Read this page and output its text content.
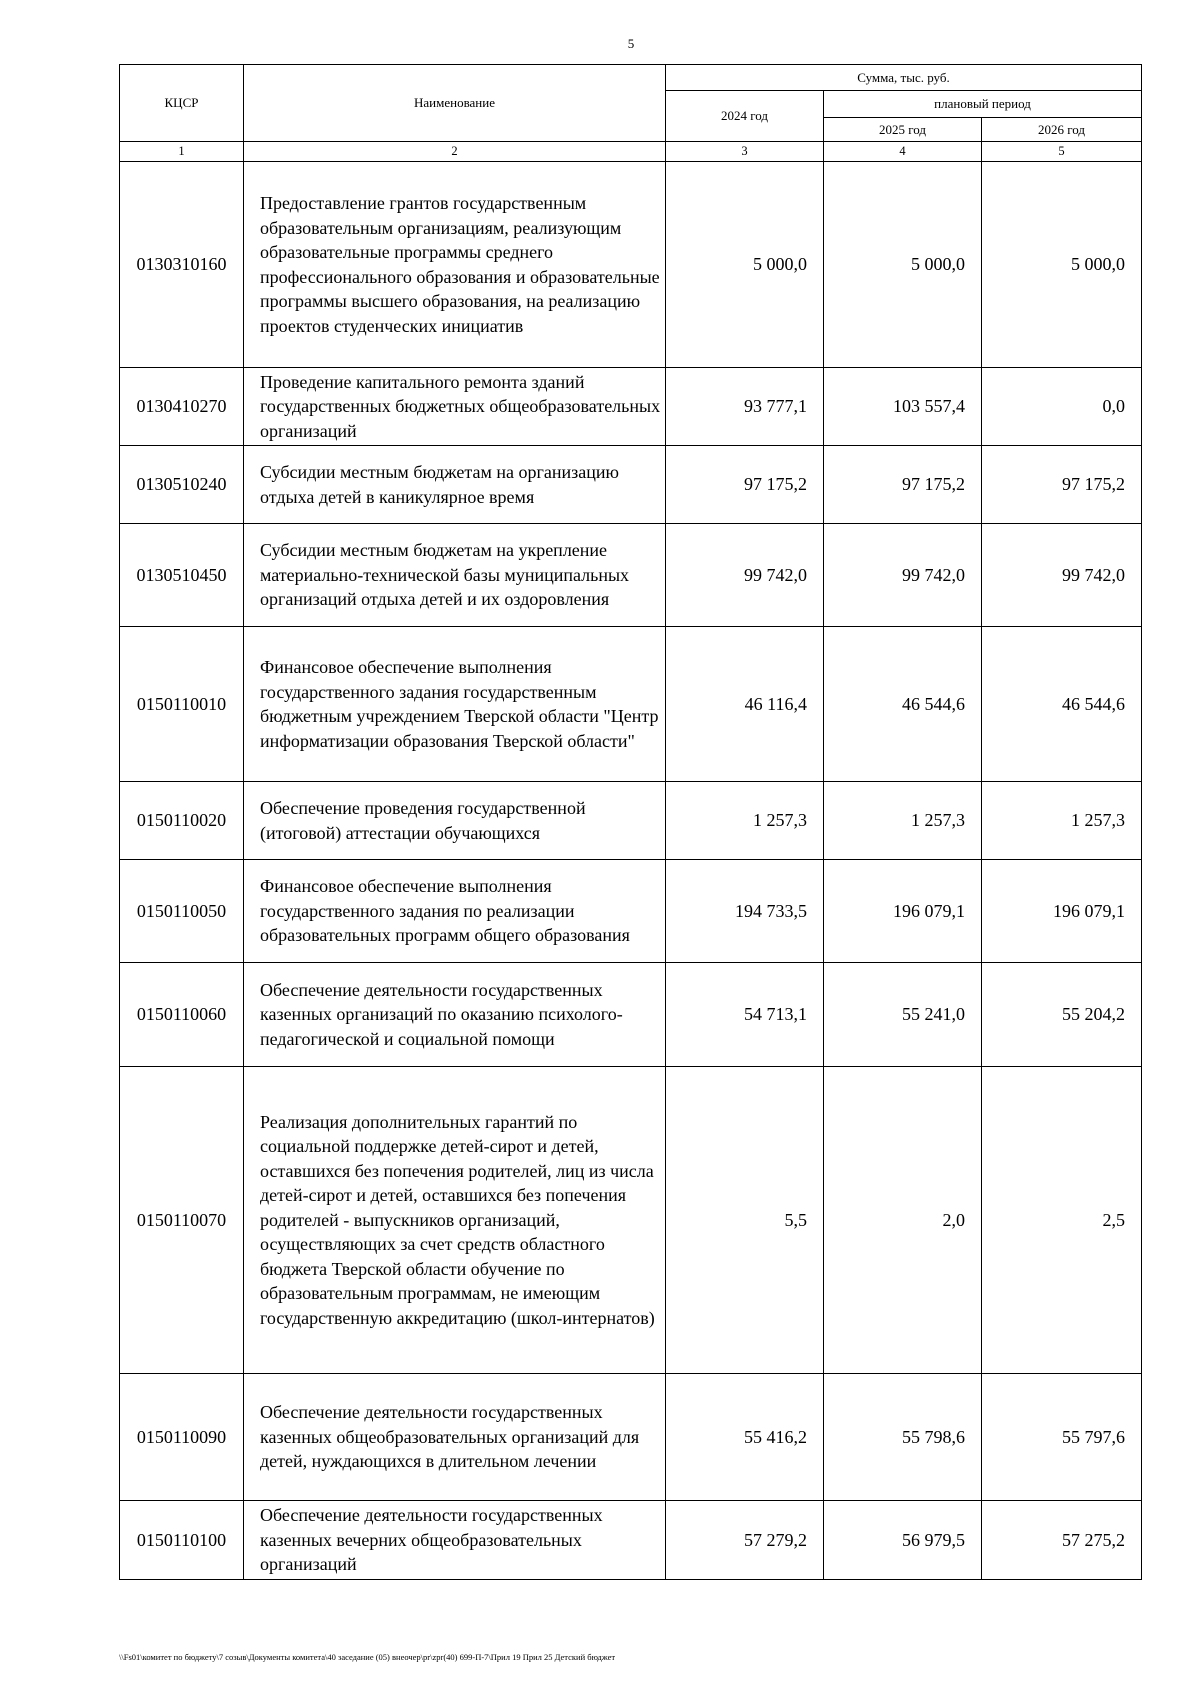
5
КЦСР	Наименование	Сумма, тыс. руб.		
		2024 год	плановый период	
			2025 год	2026 год
1	2	3	4	5
0130310160	Предоставление грантов государственным образовательным организациям, реализующим образовательные программы среднего профессионального образования и образовательные программы высшего образования, на реализацию проектов студенческих инициатив	5 000,0	5 000,0	5 000,0
0130410270	Проведение капитального ремонта зданий государственных бюджетных общеобразовательных организаций	93 777,1	103 557,4	0,0
0130510240	Субсидии местным бюджетам на организацию отдыха детей в каникулярное время	97 175,2	97 175,2	97 175,2
0130510450	Субсидии местным бюджетам на укрепление материально-технической базы муниципальных организаций отдыха детей и их оздоровления	99 742,0	99 742,0	99 742,0
0150110010	Финансовое обеспечение выполнения государственного задания государственным бюджетным учреждением Тверской области "Центр информатизации образования Тверской области"	46 116,4	46 544,6	46 544,6
0150110020	Обеспечение проведения государственной (итоговой) аттестации обучающихся	1 257,3	1 257,3	1 257,3
0150110050	Финансовое обеспечение выполнения государственного задания по реализации образовательных программ общего образования	194 733,5	196 079,1	196 079,1
0150110060	Обеспечение деятельности государственных казенных организаций по оказанию психолого-педагогической и социальной помощи	54 713,1	55 241,0	55 204,2
0150110070	Реализация дополнительных гарантий по социальной поддержке детей-сирот и детей, оставшихся без попечения родителей, лиц из числа детей-сирот и детей, оставшихся без попечения родителей - выпускников организаций, осуществляющих за счет средств областного бюджета Тверской области обучение по образовательным программам, не имеющим государственную аккредитацию (школ-интернатов)	5,5	2,0	2,5
0150110090	Обеспечение деятельности государственных казенных общеобразовательных организаций для детей, нуждающихся в длительном лечении	55 416,2	55 798,6	55 797,6
0150110100	Обеспечение деятельности государственных казенных вечерних общеобразовательных организаций	57 279,2	56 979,5	57 275,2
\\Fs01\комитет по бюджету\7 созыв\Документы комитета\40 заседание (05) внеочер\pr\zpr(40) 699-П-7\Прил 19 Прил 25 Детский бюджет
